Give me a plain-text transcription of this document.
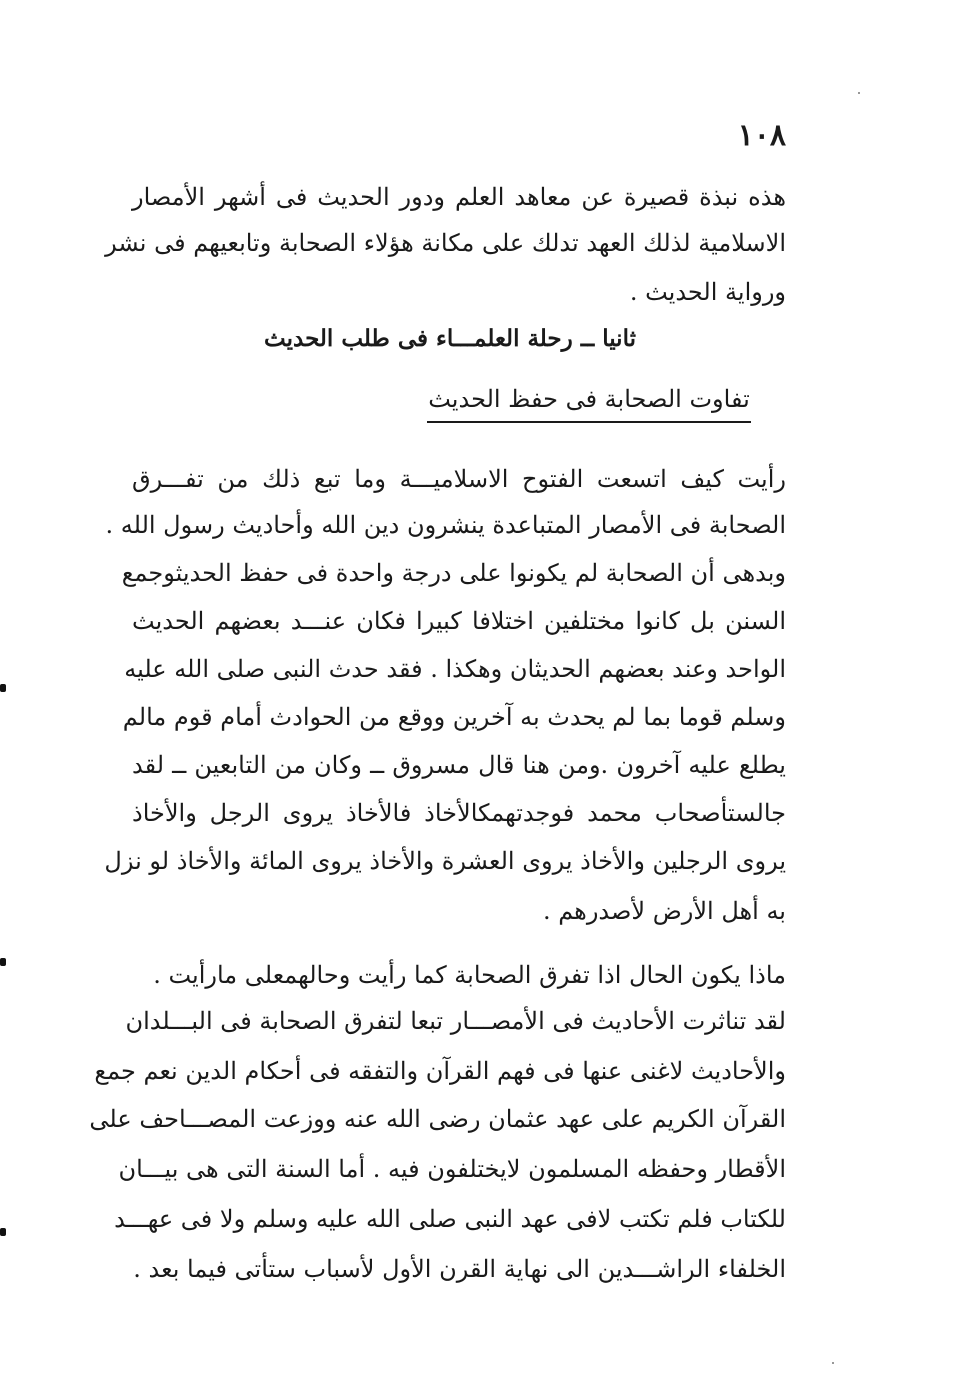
١٠٨
هذه نبذة قصيرة عن معاهد العلم ودور الحديث فى أشهر الأمصار
الاسلامية لذلك العهد تدلك على مكانة هؤلاء الصحابة وتابعيهم فى نشر
ورواية الحديث .
ثانيا ــ رحلة العلمـــاء فى طلب الحديث
تفاوت الصحابة فى حفظ الحديث
رأيت كيف اتسعت الفتوح الاسلاميـــة وما تبع ذلك من تفـــرق
الصحابة فى الأمصار المتباعدة ينشرون دين الله وأحاديث رسول الله .
وبدهى أن الصحابة لم يكونوا على درجة واحدة فى حفظ الحديثوجمع
السنن بل كانوا مختلفين اختلافا كبيرا فكان عنـــد بعضهم الحديث
الواحد وعند بعضهم الحديثان وهكذا . فقد حدث النبى صلى الله عليه
وسلم قوما بما لم يحدث به آخرين ووقع من الحوادث أمام قوم مالم
يطلع عليه آخرون .ومن هنا قال مسروق ــ وكان من التابعين ــ لقد
جالستأصحاب محمد فوجدتهمكالأخاذ فالأخاذ يروى الرجل والأخاذ
يروى الرجلين والأخاذ يروى العشرة والأخاذ يروى المائة والأخاذ لو نزل
به أهل الأرض لأصدرهم .
ماذا يكون الحال اذا تفرق الصحابة كما رأيت وحالهمعلى مارأيت .
لقد تناثرت الأحاديث فى الأمصـــار تبعا لتفرق الصحابة فى البـــلدان
والأحاديث لاغنى عنها فى فهم القرآن والتفقه فى أحكام الدين نعم جمع
القرآن الكريم على عهد عثمان رضى الله عنه ووزعت المصـــاحف على
الأقطار وحفظه المسلمون لايختلفون فيه . أما السنة التى هى بيـــان
للكتاب فلم تكتب لافى عهد النبى صلى الله عليه وسلم ولا فى عهـــد
الخلفاء الراشـــدين الى نهاية القرن الأول لأسباب ستأتى فيما بعد .
